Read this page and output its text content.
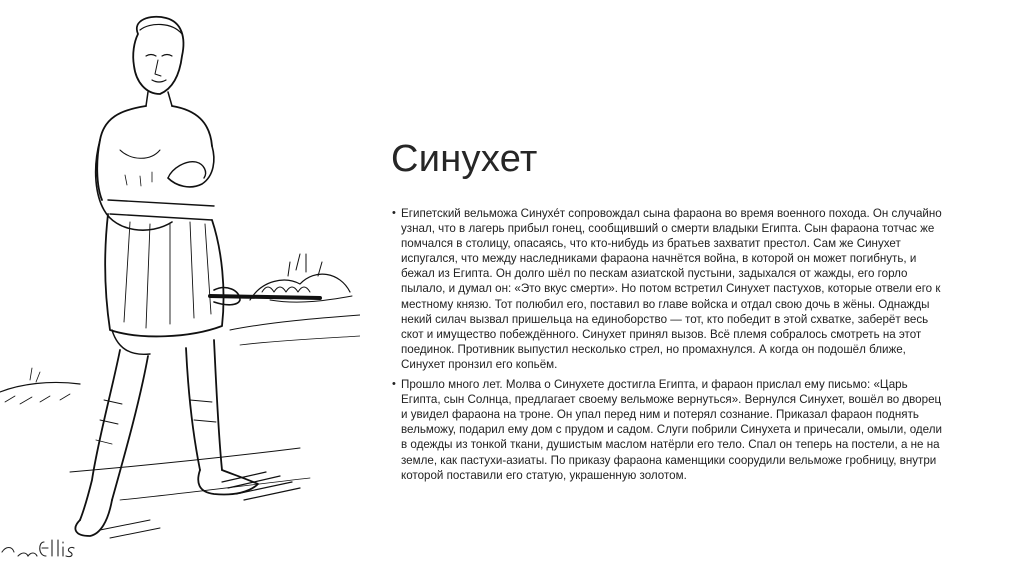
Синухет
• Египетский вельможа Синухе́т сопровождал сына фараона во время военного похода. Он случайно узнал, что в лагерь прибыл гонец, сообщивший о смерти владыки Египта. Сын фараона тотчас же помчался в столицу, опасаясь, что кто-нибудь из братьев захватит престол. Сам же Синухет испугался, что между наследниками фараона начнётся война, в которой он может погибнуть, и бежал из Египта. Он долго шёл по пескам азиатской пустыни, задыхался от жажды, его горло пылало, и думал он: «Это вкус смерти». Но потом встретил Синухет пастухов, которые отвели его к местному князю. Тот полюбил его, поставил во главе войска и отдал свою дочь в жёны. Однажды некий силач вызвал пришельца на единоборство — тот, кто победит в этой схватке, заберёт весь скот и имущество побеждённого. Синухет принял вызов. Всё племя собралось смотреть на этот поединок. Противник выпустил несколько стрел, но промахнулся. А когда он подошёл ближе, Синухет пронзил его копьём.
• Прошло много лет. Молва о Синухете достигла Египта, и фараон прислал ему письмо: «Царь Египта, сын Солнца, предлагает своему вельможе вернуться». Вернулся Синухет, вошёл во дворец и увидел фараона на троне. Он упал перед ним и потерял сознание. Приказал фараон поднять вельможу, подарил ему дом с прудом и садом. Слуги побрили Синухета и причесали, омыли, одели в одежды из тонкой ткани, душистым маслом натёрли его тело. Спал он теперь на постели, а не на земле, как пастухи-азиаты. По приказу фараона каменщики соорудили вельможе гробницу, внутри которой поставили его статую, украшенную золотом.
